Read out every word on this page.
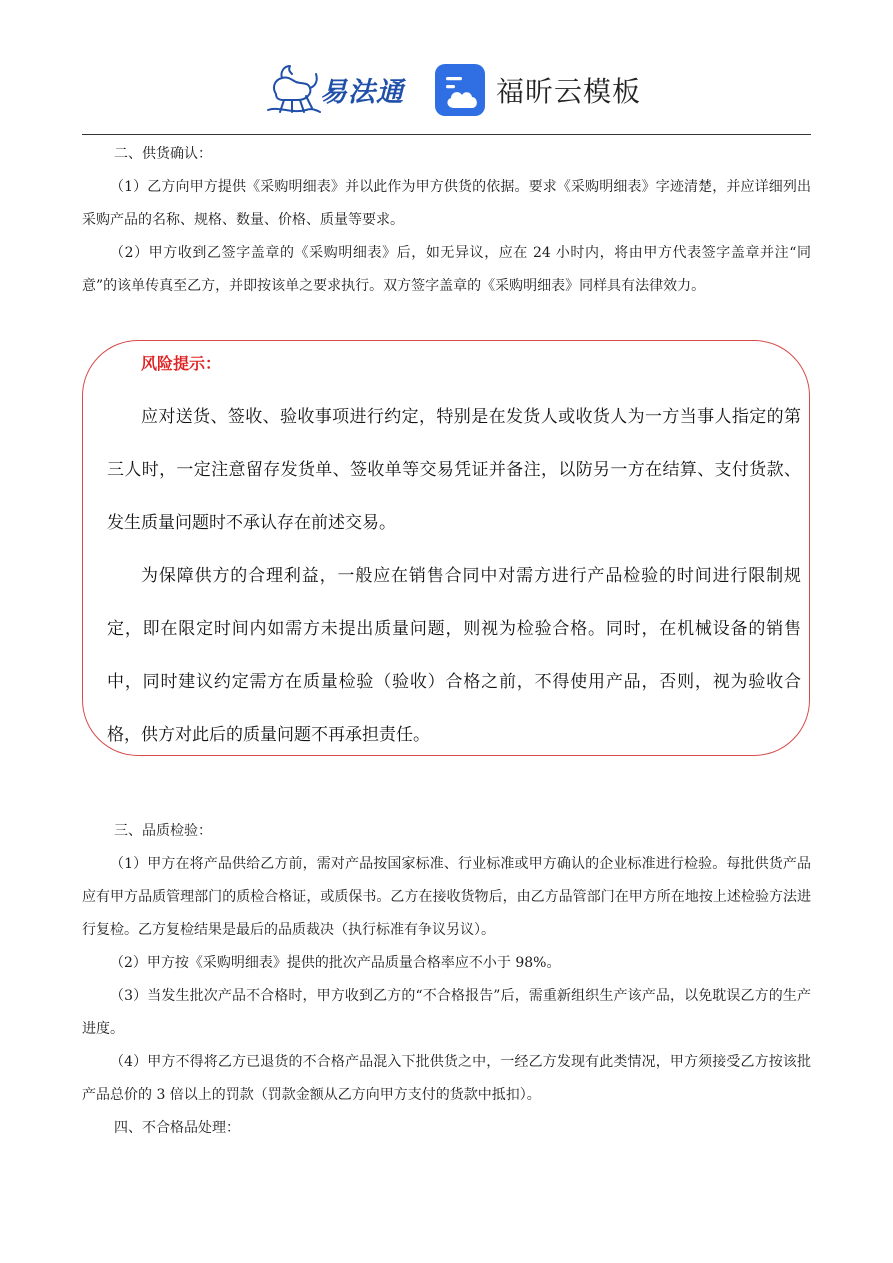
易法通	福昕云模板

二、供货确认：

（1）乙方向甲方提供《采购明细表》并以此作为甲方供货的依据。要求《采购明细表》字迹清楚，并应详细列出采购产品的名称、规格、数量、价格、质量等要求。

（2）甲方收到乙签字盖章的《采购明细表》后，如无异议，应在 24 小时内，将由甲方代表签字盖章并注“同意”的该单传真至乙方，并即按该单之要求执行。双方签字盖章的《采购明细表》同样具有法律效力。

风险提示：

应对送货、签收、验收事项进行约定，特别是在发货人或收货人为一方当事人指定的第三人时，一定注意留存发货单、签收单等交易凭证并备注，以防另一方在结算、支付货款、发生质量问题时不承认存在前述交易。

为保障供方的合理利益，一般应在销售合同中对需方进行产品检验的时间进行限制规定，即在限定时间内如需方未提出质量问题，则视为检验合格。同时，在机械设备的销售中，同时建议约定需方在质量检验（验收）合格之前，不得使用产品，否则，视为验收合格，供方对此后的质量问题不再承担责任。

三、品质检验：

（1）甲方在将产品供给乙方前，需对产品按国家标准、行业标准或甲方确认的企业标准进行检验。每批供货产品应有甲方品质管理部门的质检合格证，或质保书。乙方在接收货物后，由乙方品管部门在甲方所在地按上述检验方法进行复检。乙方复检结果是最后的品质裁决（执行标准有争议另议）。

（2）甲方按《采购明细表》提供的批次产品质量合格率应不小于 98%。

（3）当发生批次产品不合格时，甲方收到乙方的“不合格报告”后，需重新组织生产该产品，以免耽误乙方的生产进度。

（4）甲方不得将乙方已退货的不合格产品混入下批供货之中，一经乙方发现有此类情况，甲方须接受乙方按该批产品总价的 3 倍以上的罚款（罚款金额从乙方向甲方支付的货款中抵扣）。

四、不合格品处理：
